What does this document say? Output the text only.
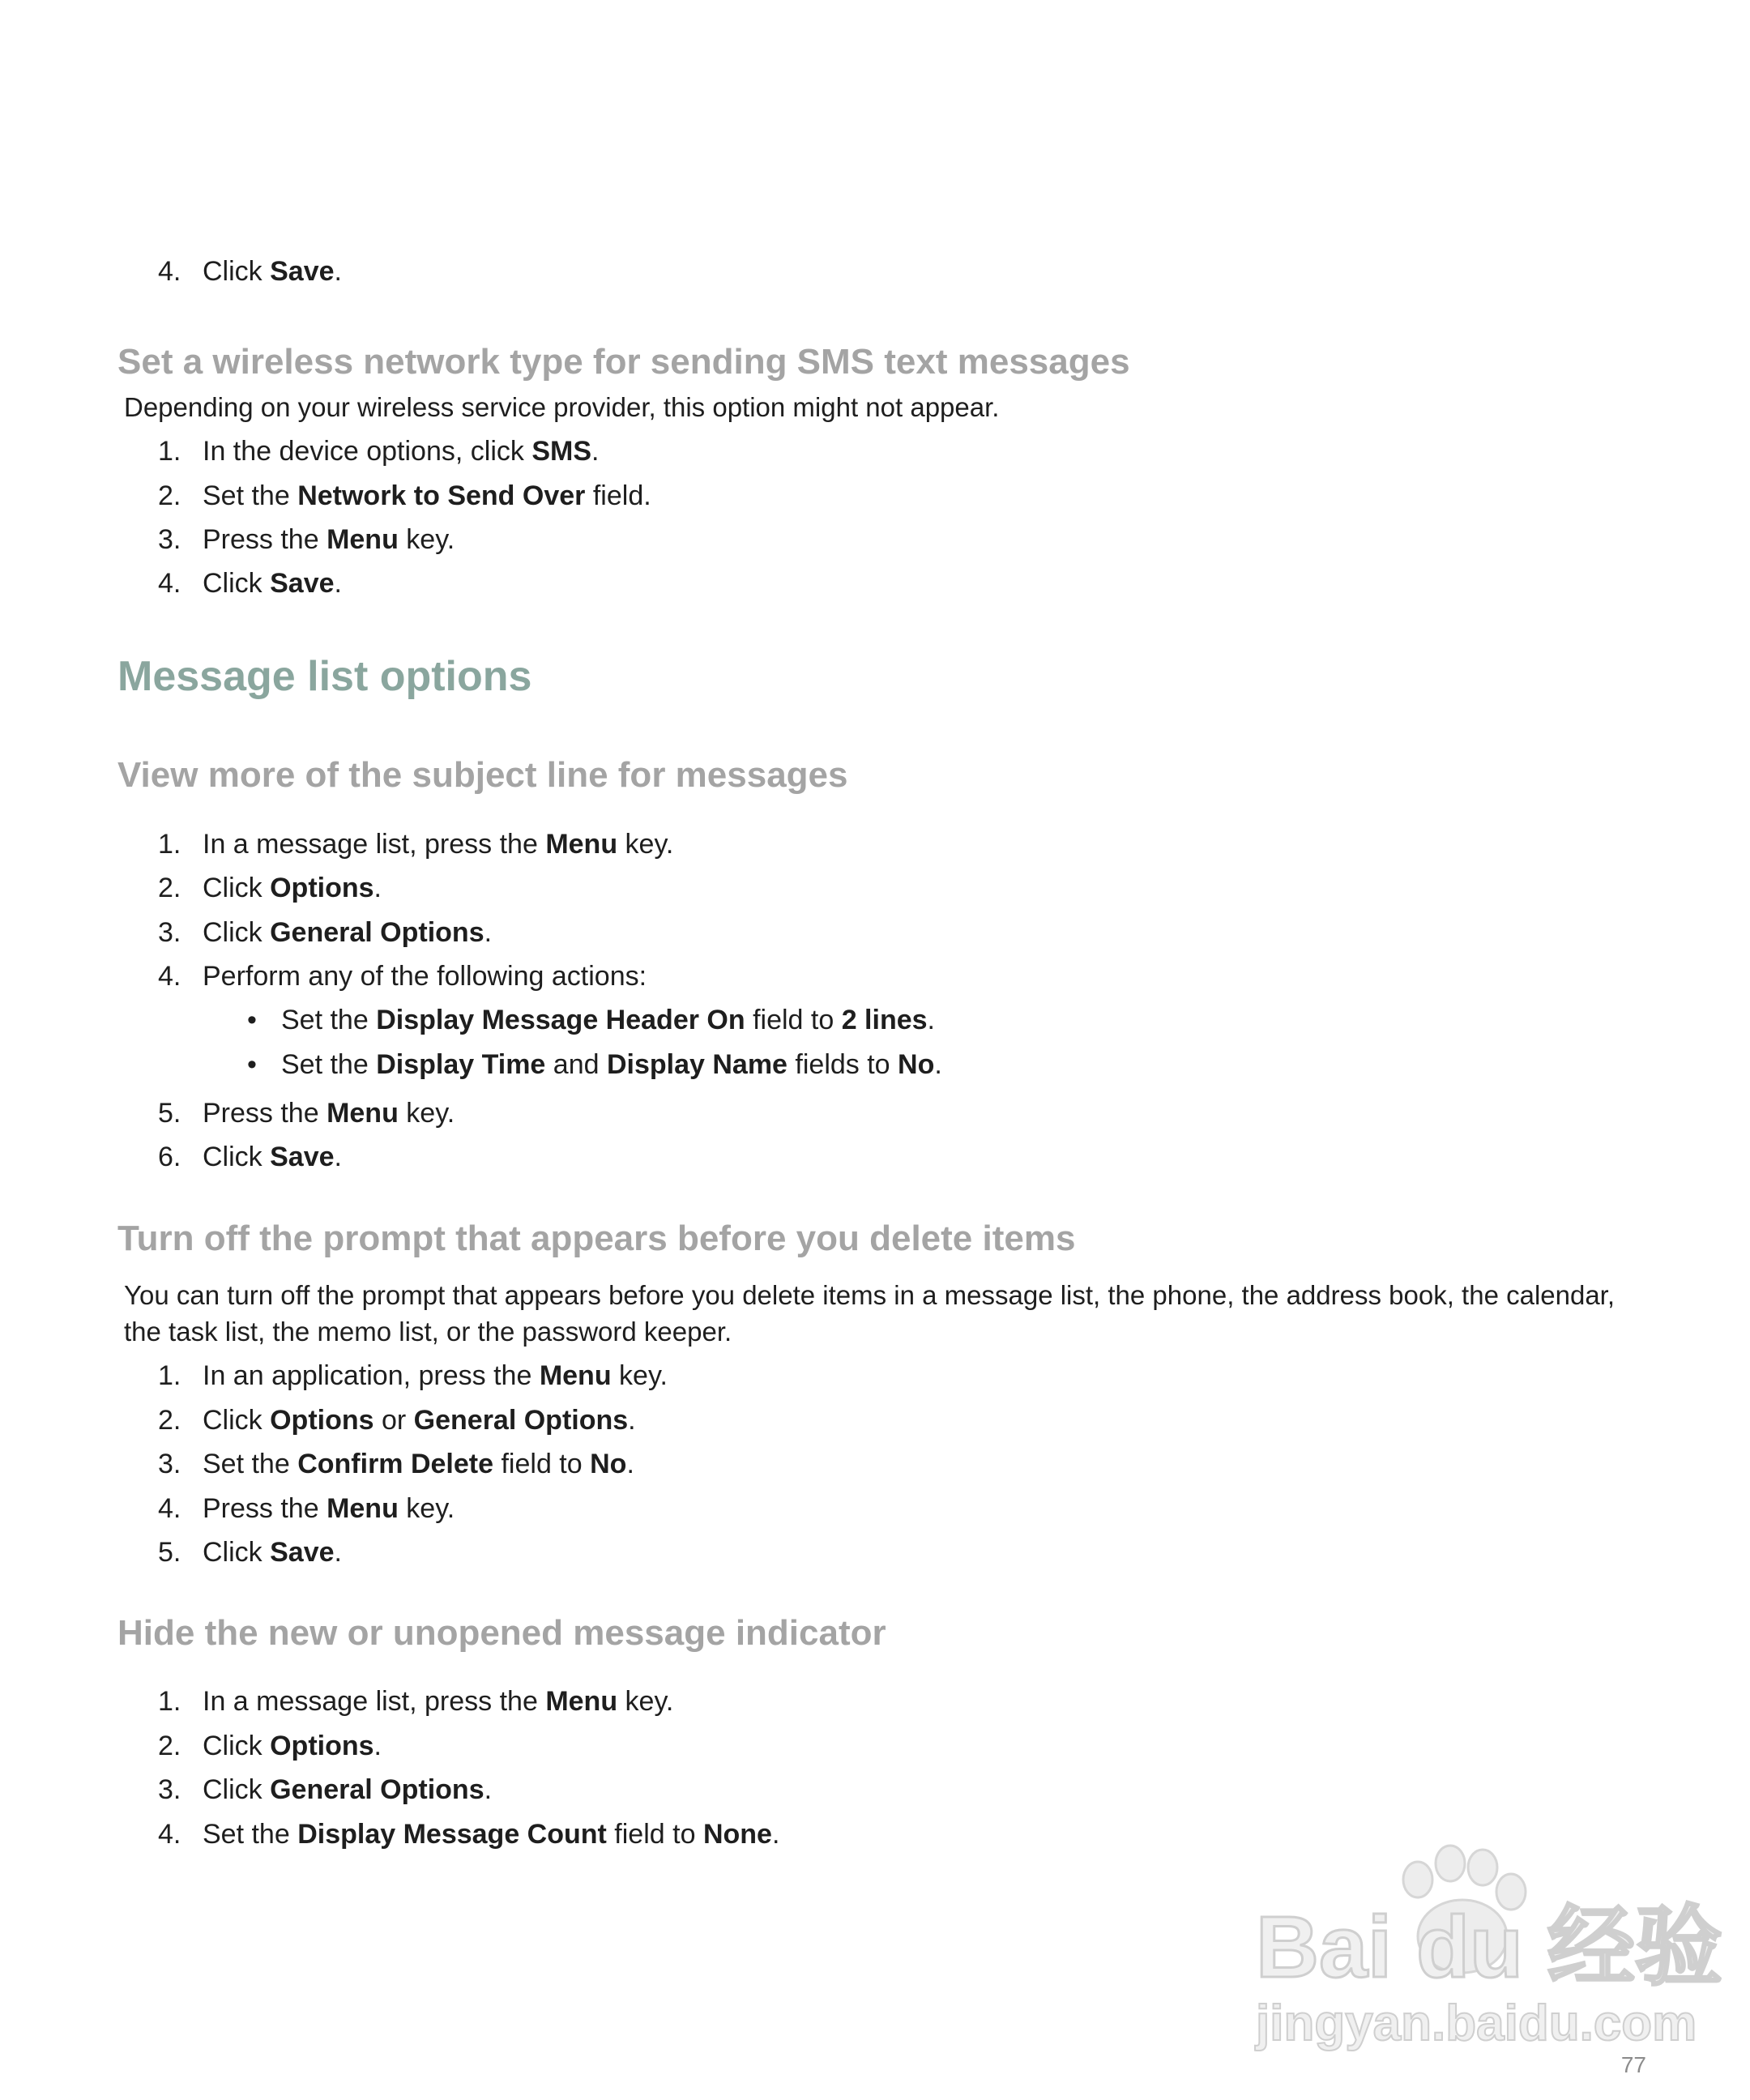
4. Click Save.
Set a wireless network type for sending SMS text messages
Depending on your wireless service provider, this option might not appear.
1. In the device options, click SMS.
2. Set the Network to Send Over field.
3. Press the Menu key.
4. Click Save.
Message list options
View more of the subject line for messages
1. In a message list, press the Menu key.
2. Click Options.
3. Click General Options.
4. Perform any of the following actions:
• Set the Display Message Header On field to 2 lines.
• Set the Display Time and Display Name fields to No.
5. Press the Menu key.
6. Click Save.
Turn off the prompt that appears before you delete items
You can turn off the prompt that appears before you delete items in a message list, the phone, the address book, the calendar, the task list, the memo list, or the password keeper.
1. In an application, press the Menu key.
2. Click Options or General Options.
3. Set the Confirm Delete field to No.
4. Press the Menu key.
5. Click Save.
Hide the new or unopened message indicator
1. In a message list, press the Menu key.
2. Click Options.
3. Click General Options.
4. Set the Display Message Count field to None.
Bai du 经验
jingyan.baidu.com
77
